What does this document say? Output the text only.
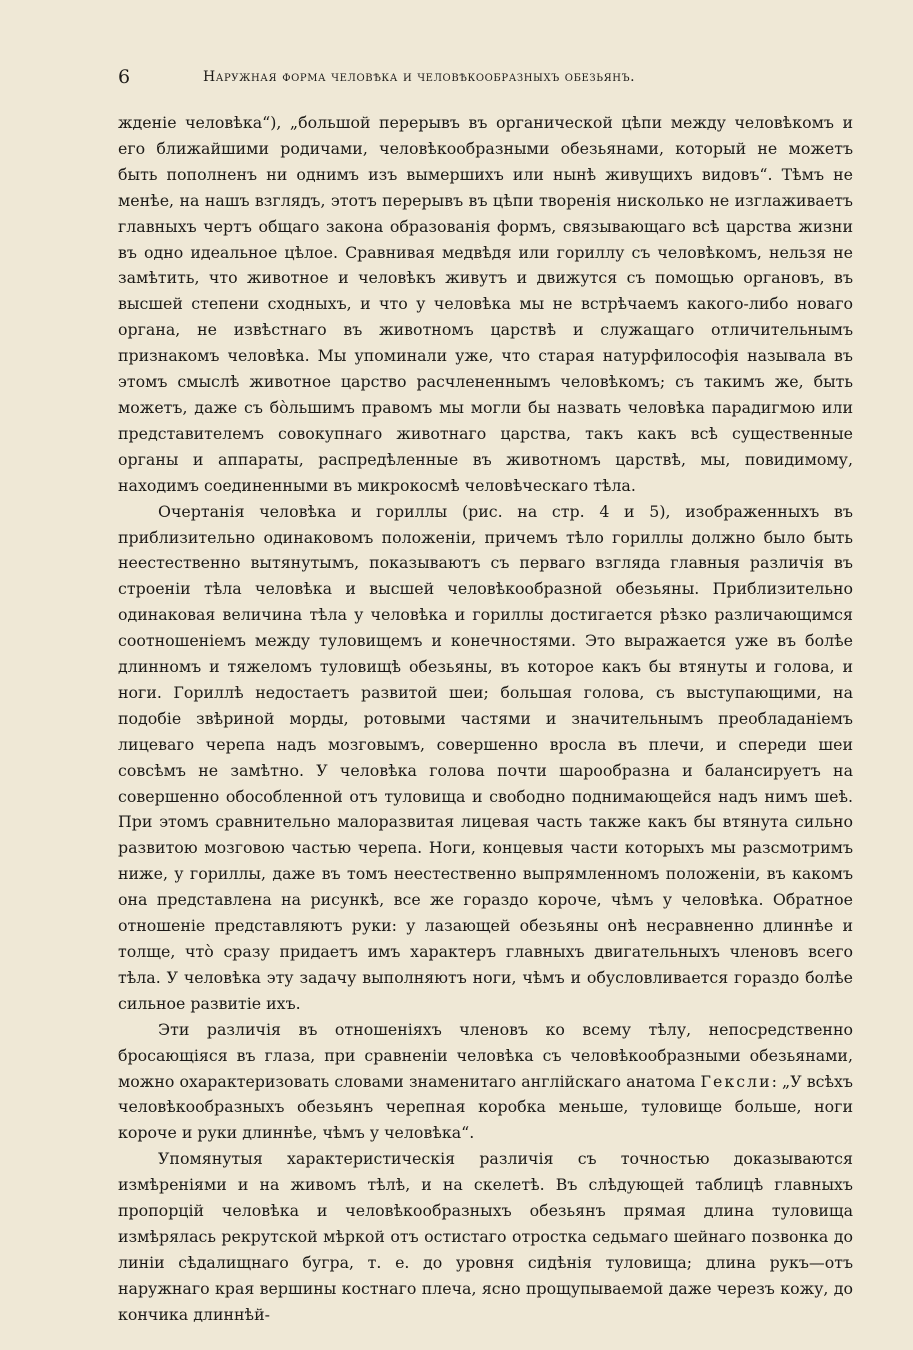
6	Наружная форма человѣка и человѣкообразныхъ обезьянъ.

жденіе человѣка“), „большой перерывъ въ органической цѣпи между человѣкомъ и его ближайшими родичами, человѣкообразными обезьянами, который не можетъ быть пополненъ ни однимъ изъ вымершихъ или нынѣ живущихъ видовъ“. Тѣмъ не менѣе, на нашъ взглядъ, этотъ перерывъ въ цѣпи творенія нисколько не изглаживаетъ главныхъ чертъ общаго закона образованія формъ, связывающаго всѣ царства жизни въ одно идеальное цѣлое. Сравнивая медвѣдя или гориллу съ человѣкомъ, нельзя не замѣтить, что животное и человѣкъ живутъ и движутся съ помощью органовъ, въ высшей степени сходныхъ, и что у человѣка мы не встрѣчаемъ какого-либо новаго органа, не извѣстнаго въ животномъ царствѣ и служащаго отличительнымъ признакомъ человѣка. Мы упоминали уже, что старая натурфилософія называла въ этомъ смыслѣ животное царство расчлененнымъ человѣкомъ; съ такимъ же, быть можетъ, даже съ бо̀льшимъ правомъ мы могли бы назвать человѣка парадигмою или представителемъ совокупнаго животнаго царства, такъ какъ всѣ существенные органы и аппараты, распредѣленные въ животномъ царствѣ, мы, повидимому, находимъ соединенными въ микрокосмѣ человѣческаго тѣла.

Очертанія человѣка и гориллы (рис. на стр. 4 и 5), изображенныхъ въ приблизительно одинаковомъ положеніи, причемъ тѣло гориллы должно было быть неестественно вытянутымъ, показываютъ съ перваго взгляда главныя различія въ строеніи тѣла человѣка и высшей человѣкообразной обезьяны. Приблизительно одинаковая величина тѣла у человѣка и гориллы достигается рѣзко различающимся соотношеніемъ между туловищемъ и конечностями. Это выражается уже въ болѣе длинномъ и тяжеломъ туловищѣ обезьяны, въ которое какъ бы втянуты и голова, и ноги. Гориллѣ недостаетъ развитой шеи; большая голова, съ выступающими, на подобіе звѣриной морды, ротовыми частями и значительнымъ преобладаніемъ лицеваго черепа надъ мозговымъ, совершенно вросла въ плечи, и спереди шеи совсѣмъ не замѣтно. У человѣка голова почти шарообразна и балансируетъ на совершенно обособленной отъ туловища и свободно поднимающейся надъ нимъ шеѣ. При этомъ сравнительно малоразвитая лицевая часть также какъ бы втянута сильно развитою мозговою частью черепа. Ноги, концевыя части которыхъ мы разсмотримъ ниже, у гориллы, даже въ томъ неестественно выпрямленномъ положеніи, въ какомъ она представлена на рисункѣ, все же гораздо короче, чѣмъ у человѣка. Обратное отношеніе представляютъ руки: у лазающей обезьяны онѣ несравненно длиннѣе и толще, что̀ сразу придаетъ имъ характеръ главныхъ двигательныхъ членовъ всего тѣла. У человѣка эту задачу выполняютъ ноги, чѣмъ и обусловливается гораздо болѣе сильное развитіе ихъ.

Эти различія въ отношеніяхъ членовъ ко всему тѣлу, непосредственно бросающіяся въ глаза, при сравненіи человѣка съ человѣкообразными обезьянами, можно охарактеризовать словами знаменитаго англійскаго анатома Гексли: „У всѣхъ человѣкообразныхъ обезьянъ черепная коробка меньше, туловище больше, ноги короче и руки длиннѣе, чѣмъ у человѣка“.

Упомянутыя характеристическія различія съ точностью доказываются измѣреніями и на живомъ тѣлѣ, и на скелетѣ. Въ слѣдующей таблицѣ главныхъ пропорцій человѣка и человѣкообразныхъ обезьянъ прямая длина туловища измѣрялась рекрутской мѣркой отъ остистаго отростка седьмаго шейнаго позвонка до линіи сѣдалищнаго бугра, т. е. до уровня сидѣнія туловища; длина рукъ—отъ наружнаго края вершины костнаго плеча, ясно прощупываемой даже черезъ кожу, до кончика длиннѣй-
